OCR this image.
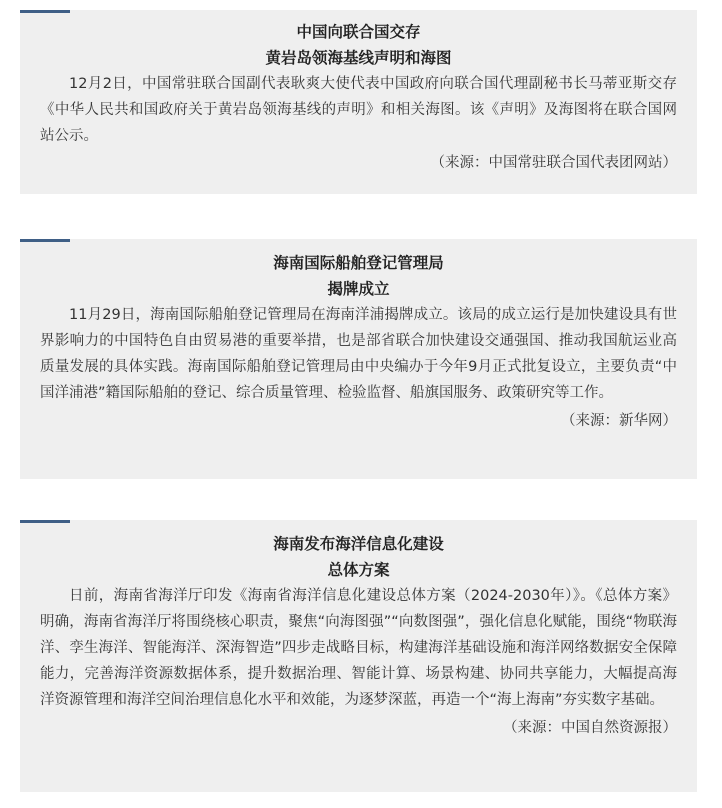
中国向联合国交存

黄岩岛领海基线声明和海图

12月2日，中国常驻联合国副代表耿爽大使代表中国政府向联合国代理副秘书长马蒂亚斯交存《中华人民共和国政府关于黄岩岛领海基线的声明》和相关海图。该《声明》及海图将在联合国网站公示。

（来源：中国常驻联合国代表团网站）

海南国际船舶登记管理局

揭牌成立

11月29日，海南国际船舶登记管理局在海南洋浦揭牌成立。该局的成立运行是加快建设具有世界影响力的中国特色自由贸易港的重要举措，也是部省联合加快建设交通强国、推动我国航运业高质量发展的具体实践。海南国际船舶登记管理局由中央编办于今年9月正式批复设立，主要负责“中国洋浦港”籍国际船舶的登记、综合质量管理、检验监督、船旗国服务、政策研究等工作。

（来源：新华网）

海南发布海洋信息化建设

总体方案

日前，海南省海洋厅印发《海南省海洋信息化建设总体方案（2024-2030年）》。《总体方案》明确，海南省海洋厅将围绕核心职责，聚焦“向海图强”“向数图强”，强化信息化赋能，围绕“物联海洋、孪生海洋、智能海洋、深海智造”四步走战略目标，构建海洋基础设施和海洋网络数据安全保障能力，完善海洋资源数据体系，提升数据治理、智能计算、场景构建、协同共享能力，大幅提高海洋资源管理和海洋空间治理信息化水平和效能，为逐梦深蓝，再造一个“海上海南”夯实数字基础。

（来源：中国自然资源报）
